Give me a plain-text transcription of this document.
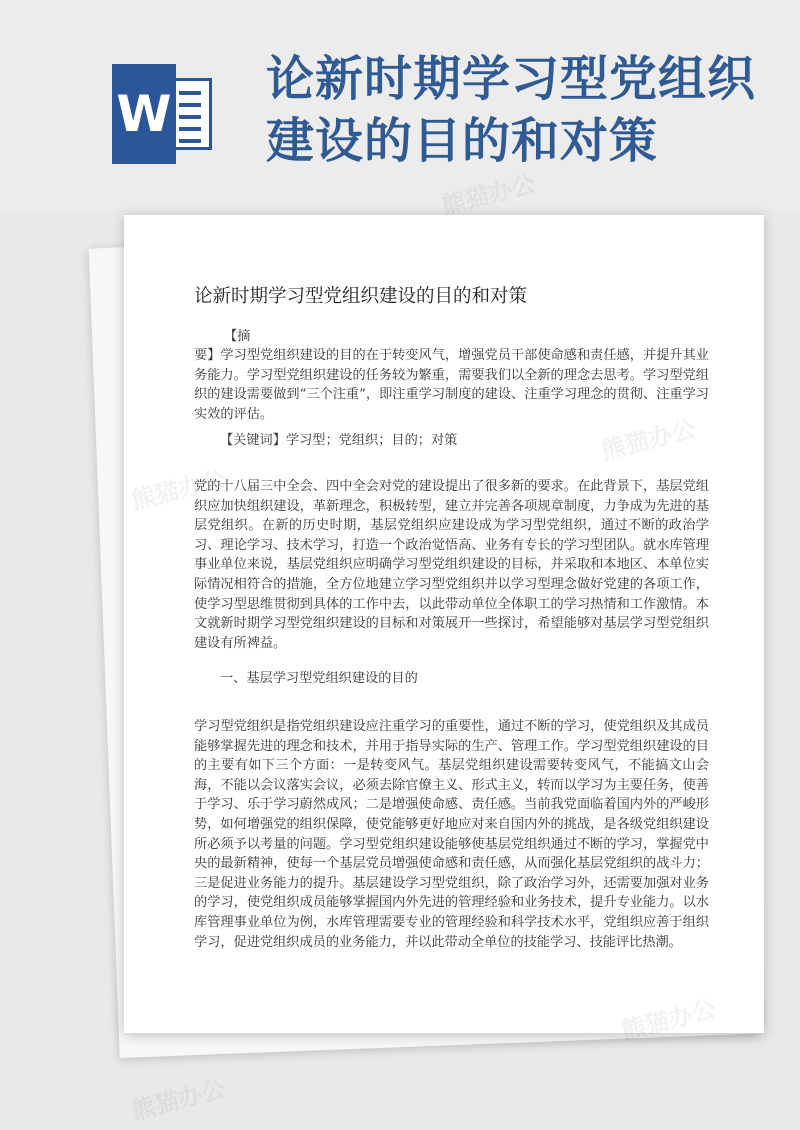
W
论新时期学习型党组织建设的目的和对策
论新时期学习型党组织建设的目的和对策

【摘

要】学习型党组织建设的目的在于转变风气，增强党员干部使命感和责任感，并提升其业务能力。学习型党组织建设的任务较为繁重，需要我们以全新的理念去思考。学习型党组织的建设需要做到“三个注重”，即注重学习制度的建设、注重学习理念的贯彻、注重学习实效的评估。

【关键词】学习型；党组织；目的；对策

党的十八届三中全会、四中全会对党的建设提出了很多新的要求。在此背景下，基层党组织应加快组织建设，革新理念，积极转型，建立并完善各项规章制度，力争成为先进的基层党组织。在新的历史时期，基层党组织应建设成为学习型党组织，通过不断的政治学习、理论学习、技术学习，打造一个政治觉悟高、业务有专长的学习型团队。就水库管理事业单位来说，基层党组织应明确学习型党组织建设的目标，并采取和本地区、本单位实际情况相符合的措施，全方位地建立学习型党组织并以学习型理念做好党建的各项工作，使学习型思维贯彻到具体的工作中去，以此带动单位全体职工的学习热情和工作激情。本文就新时期学习型党组织建设的目标和对策展开一些探讨，希望能够对基层学习型党组织建设有所裨益。

一、基层学习型党组织建设的目的

学习型党组织是指党组织建设应注重学习的重要性，通过不断的学习，使党组织及其成员能够掌握先进的理念和技术，并用于指导实际的生产、管理工作。学习型党组织建设的目的主要有如下三个方面：一是转变风气。基层党组织建设需要转变风气，不能搞文山会海，不能以会议落实会议，必须去除官僚主义、形式主义，转而以学习为主要任务，使善于学习、乐于学习蔚然成风；二是增强使命感、责任感。当前我党面临着国内外的严峻形势，如何增强党的组织保障，使党能够更好地应对来自国内外的挑战，是各级党组织建设所必须予以考量的问题。学习型党组织建设能够使基层党组织通过不断的学习，掌握党中央的最新精神，使每一个基层党员增强使命感和责任感，从而强化基层党组织的战斗力；三是促进业务能力的提升。基层建设学习型党组织，除了政治学习外，还需要加强对业务的学习，使党组织成员能够掌握国内外先进的管理经验和业务技术，提升专业能力。以水库管理事业单位为例，水库管理需要专业的管理经验和科学技术水平，党组织应善于组织学习，促进党组织成员的业务能力，并以此带动全单位的技能学习、技能评比热潮。

熊猫办公
